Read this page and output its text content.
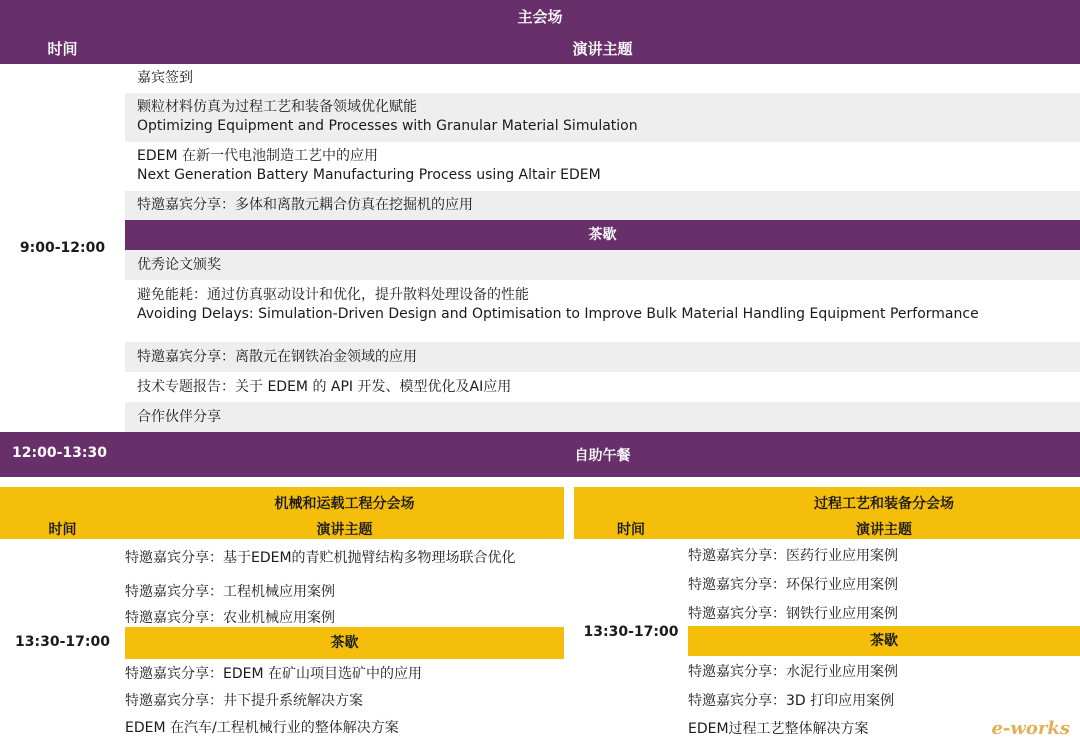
主会场
时间	演讲主题
9:00-12:00
嘉宾签到
颗粒材料仿真为过程工艺和装备领域优化赋能
Optimizing Equipment and Processes with Granular Material Simulation
EDEM 在新一代电池制造工艺中的应用
Next Generation Battery Manufacturing Process using Altair EDEM
特邀嘉宾分享：多体和离散元耦合仿真在挖掘机的应用
茶歇
优秀论文颁奖
避免能耗：通过仿真驱动设计和优化，提升散料处理设备的性能
Avoiding Delays: Simulation-Driven Design and Optimisation to Improve Bulk Material Handling Equipment Performance
特邀嘉宾分享：离散元在钢铁冶金领域的应用
技术专题报告：关于 EDEM 的 API 开发、模型优化及AI应用
合作伙伴分享
12:00-13:30	自助午餐
机械和运载工程分会场
时间	演讲主题
13:30-17:00
特邀嘉宾分享：基于EDEM的青贮机抛臂结构多物理场联合优化
特邀嘉宾分享：工程机械应用案例
特邀嘉宾分享：农业机械应用案例
茶歇
特邀嘉宾分享：EDEM 在矿山项目选矿中的应用
特邀嘉宾分享：井下提升系统解决方案
EDEM 在汽车/工程机械行业的整体解决方案
过程工艺和装备分会场
时间	演讲主题
13:30-17:00
特邀嘉宾分享：医药行业应用案例
特邀嘉宾分享：环保行业应用案例
特邀嘉宾分享：钢铁行业应用案例
茶歇
特邀嘉宾分享：水泥行业应用案例
特邀嘉宾分享：3D 打印应用案例
EDEM过程工艺整体解决方案	e-works
